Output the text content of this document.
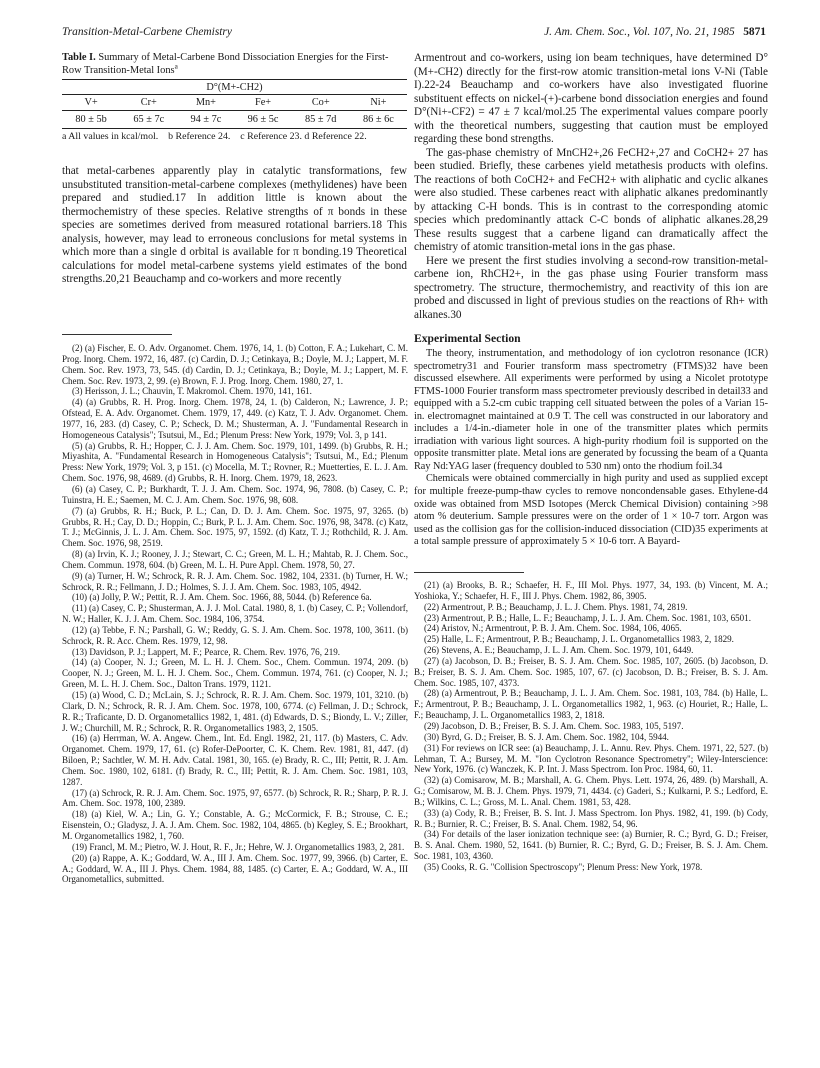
Transition-Metal-Carbene Chemistry	J. Am. Chem. Soc., Vol. 107, No. 21, 1985 5871

Table I. Summary of Metal-Carbene Bond Dissociation Energies for the First-Row Transition-Metal Ions$^a$

D°(M+-CH2)					
V+	Cr+	Mn+	Fe+	Co+	Ni+
80 ± 5b	65 ± 7c	94 ± 7c	96 ± 5c	85 ± 7d	86 ± 6c
a All values in kcal/mol. b Reference 24. c Reference 23. d Reference 22.

that metal-carbenes apparently play in catalytic transformations, few unsubstituted transition-metal-carbene complexes (methylidenes) have been prepared and studied.17 In addition little is known about the thermochemistry of these species. Relative strengths of π bonds in these species are sometimes derived from measured rotational barriers.18 This analysis, however, may lead to erroneous conclusions for metal systems in which more than a single d orbital is available for π bonding.19 Theoretical calculations for model metal-carbene systems yield estimates of the bond strengths.20,21 Beauchamp and co-workers and more recently

(2) (a) Fischer, E. O. Adv. Organomet. Chem. 1976, 14, 1. (b) Cotton, F. A.; Lukehart, C. M. Prog. Inorg. Chem. 1972, 16, 487. (c) Cardin, D. J.; Cetinkaya, B.; Doyle, M. J.; Lappert, M. F. Chem. Soc. Rev. 1973, 73, 545. (d) Cardin, D. J.; Cetinkaya, B.; Doyle, M. J.; Lappert, M. F. Chem. Soc. Rev. 1973, 2, 99. (e) Brown, F. J. Prog. Inorg. Chem. 1980, 27, 1.

(3) Herisson, J. L.; Chauvin, T. Makromol. Chem. 1970, 141, 161.

(4) (a) Grubbs, R. H. Prog. Inorg. Chem. 1978, 24, 1. (b) Calderon, N.; Lawrence, J. P.; Ofstead, E. A. Adv. Organomet. Chem. 1979, 17, 449. (c) Katz, T. J. Adv. Organomet. Chem. 1977, 16, 283. (d) Casey, C. P.; Scheck, D. M.; Shusterman, A. J. "Fundamental Research in Homogeneous Catalysis"; Tsutsui, M., Ed.; Plenum Press: New York, 1979; Vol. 3, p 141.

(5) (a) Grubbs, R. H.; Hopper, C. J. J. Am. Chem. Soc. 1979, 101, 1499. (b) Grubbs, R. H.; Miyashita, A. "Fundamental Research in Homogeneous Catalysis"; Tsutsui, M., Ed.; Plenum Press: New York, 1979; Vol. 3, p 151. (c) Mocella, M. T.; Rovner, R.; Muetterties, E. L. J. Am. Chem. Soc. 1976, 98, 4689. (d) Grubbs, R. H. Inorg. Chem. 1979, 18, 2623.

(6) (a) Casey, C. P.; Burkhardt, T. J. J. Am. Chem. Soc. 1974, 96, 7808. (b) Casey, C. P.; Tuinstra, H. E.; Saemen, M. C. J. Am. Chem. Soc. 1976, 98, 608.

(7) (a) Grubbs, R. H.; Buck, P. L.; Can, D. D. J. Am. Chem. Soc. 1975, 97, 3265. (b) Grubbs, R. H.; Cay, D. D.; Hoppin, C.; Burk, P. L. J. Am. Chem. Soc. 1976, 98, 3478. (c) Katz, T. J.; McGinnis, J. L. J. Am. Chem. Soc. 1975, 97, 1592. (d) Katz, T. J.; Rothchild, R. J. Am. Chem. Soc. 1976, 98, 2519.

(8) (a) Irvin, K. J.; Rooney, J. J.; Stewart, C. C.; Green, M. L. H.; Mahtab, R. J. Chem. Soc., Chem. Commun. 1978, 604. (b) Green, M. L. H. Pure Appl. Chem. 1978, 50, 27.

(9) (a) Turner, H. W.; Schrock, R. R. J. Am. Chem. Soc. 1982, 104, 2331. (b) Turner, H. W.; Schrock, R. R.; Fellmann, J. D.; Holmes, S. J. J. Am. Chem. Soc. 1983, 105, 4942.

(10) (a) Jolly, P. W.; Pettit, R. J. Am. Chem. Soc. 1966, 88, 5044. (b) Reference 6a.

(11) (a) Casey, C. P.; Shusterman, A. J. J. Mol. Catal. 1980, 8, 1. (b) Casey, C. P.; Vollendorf, N. W.; Haller, K. J. J. Am. Chem. Soc. 1984, 106, 3754.

(12) (a) Tebbe, F. N.; Parshall, G. W.; Reddy, G. S. J. Am. Chem. Soc. 1978, 100, 3611. (b) Schrock, R. R. Acc. Chem. Res. 1979, 12, 98.

(13) Davidson, P. J.; Lappert, M. F.; Pearce, R. Chem. Rev. 1976, 76, 219.

(14) (a) Cooper, N. J.; Green, M. L. H. J. Chem. Soc., Chem. Commun. 1974, 209. (b) Cooper, N. J.; Green, M. L. H. J. Chem. Soc., Chem. Commun. 1974, 761. (c) Cooper, N. J.; Green, M. L. H. J. Chem. Soc., Dalton Trans. 1979, 1121.

(15) (a) Wood, C. D.; McLain, S. J.; Schrock, R. R. J. Am. Chem. Soc. 1979, 101, 3210. (b) Clark, D. N.; Schrock, R. R. J. Am. Chem. Soc. 1978, 100, 6774. (c) Fellman, J. D.; Schrock, R. R.; Traficante, D. D. Organometallics 1982, 1, 481. (d) Edwards, D. S.; Biondy, L. V.; Ziller, J. W.; Churchill, M. R.; Schrock, R. R. Organometallics 1983, 2, 1505.

(16) (a) Herrman, W. A. Angew. Chem., Int. Ed. Engl. 1982, 21, 117. (b) Masters, C. Adv. Organomet. Chem. 1979, 17, 61. (c) Rofer-DePoorter, C. K. Chem. Rev. 1981, 81, 447. (d) Biloen, P.; Sachtler, W. M. H. Adv. Catal. 1981, 30, 165. (e) Brady, R. C., III; Pettit, R. J. Am. Chem. Soc. 1980, 102, 6181. (f) Brady, R. C., III; Pettit, R. J. Am. Chem. Soc. 1981, 103, 1287.

(17) (a) Schrock, R. R. J. Am. Chem. Soc. 1975, 97, 6577. (b) Schrock, R. R.; Sharp, P. R. J. Am. Chem. Soc. 1978, 100, 2389.

(18) (a) Kiel, W. A.; Lin, G. Y.; Constable, A. G.; McCormick, F. B.; Strouse, C. E.; Eisenstein, O.; Gladysz, J. A. J. Am. Chem. Soc. 1982, 104, 4865. (b) Kegley, S. E.; Brookhart, M. Organometallics 1982, 1, 760.

(19) Francl, M. M.; Pietro, W. J. Hout, R. F., Jr.; Hehre, W. J. Organometallics 1983, 2, 281.

(20) (a) Rappe, A. K.; Goddard, W. A., III J. Am. Chem. Soc. 1977, 99, 3966. (b) Carter, E. A.; Goddard, W. A., III J. Phys. Chem. 1984, 88, 1485. (c) Carter, E. A.; Goddard, W. A., III Organometallics, submitted.

Armentrout and co-workers, using ion beam techniques, have determined D°(M+-CH2) directly for the first-row atomic transition-metal ions V-Ni (Table I).22-24 Beauchamp and co-workers have also investigated fluorine substituent effects on nickel-(+)-carbene bond dissociation energies and found D°(Ni+-CF2) = 47 ± 7 kcal/mol.25 The experimental values compare poorly with the theoretical numbers, suggesting that caution must be employed regarding these bond strengths.

The gas-phase chemistry of MnCH2+,26 FeCH2+,27 and CoCH2+ 27 has been studied. Briefly, these carbenes yield metathesis products with olefins. The reactions of both CoCH2+ and FeCH2+ with aliphatic and cyclic alkanes were also studied. These carbenes react with aliphatic alkanes predominantly by attacking C-H bonds. This is in contrast to the corresponding atomic species which predominantly attack C-C bonds of aliphatic alkanes.28,29 These results suggest that a carbene ligand can dramatically affect the chemistry of atomic transition-metal ions in the gas phase.

Here we present the first studies involving a second-row transition-metal-carbene ion, RhCH2+, in the gas phase using Fourier transform mass spectrometry. The structure, thermochemistry, and reactivity of this ion are probed and discussed in light of previous studies on the reactions of Rh+ with alkanes.30

Experimental Section

The theory, instrumentation, and methodology of ion cyclotron resonance (ICR) spectrometry31 and Fourier transform mass spectrometry (FTMS)32 have been discussed elsewhere. All experiments were performed by using a Nicolet prototype FTMS-1000 Fourier transform mass spectrometer previously described in detail33 and equipped with a 5.2-cm cubic trapping cell situated between the poles of a Varian 15-in. electromagnet maintained at 0.9 T. The cell was constructed in our laboratory and includes a 1/4-in.-diameter hole in one of the transmitter plates which permits irradiation with various light sources. A high-purity rhodium foil is supported on the opposite transmitter plate. Metal ions are generated by focussing the beam of a Quanta Ray Nd:YAG laser (frequency doubled to 530 nm) onto the rhodium foil.34

Chemicals were obtained commercially in high purity and used as supplied except for multiple freeze-pump-thaw cycles to remove noncondensable gases. Ethylene-d4 oxide was obtained from MSD Isotopes (Merck Chemical Division) containing >98 atom % deuterium. Sample pressures were on the order of 1 × 10-7 torr. Argon was used as the collision gas for the collision-induced dissociation (CID)35 experiments at a total sample pressure of approximately 5 × 10-6 torr. A Bayard-

(21) (a) Brooks, B. R.; Schaefer, H. F., III Mol. Phys. 1977, 34, 193. (b) Vincent, M. A.; Yoshioka, Y.; Schaefer, H. F., III J. Phys. Chem. 1982, 86, 3905.

(22) Armentrout, P. B.; Beauchamp, J. L. J. Chem. Phys. 1981, 74, 2819.

(23) Armentrout, P. B.; Halle, L. F.; Beauchamp, J. L. J. Am. Chem. Soc. 1981, 103, 6501.

(24) Aristov, N.; Armentrout, P. B. J. Am. Chem. Soc. 1984, 106, 4065.

(25) Halle, L. F.; Armentrout, P. B.; Beauchamp, J. L. Organometallics 1983, 2, 1829.

(26) Stevens, A. E.; Beauchamp, J. L. J. Am. Chem. Soc. 1979, 101, 6449.

(27) (a) Jacobson, D. B.; Freiser, B. S. J. Am. Chem. Soc. 1985, 107, 2605. (b) Jacobson, D. B.; Freiser, B. S. J. Am. Chem. Soc. 1985, 107, 67. (c) Jacobson, D. B.; Freiser, B. S. J. Am. Chem. Soc. 1985, 107, 4373.

(28) (a) Armentrout, P. B.; Beauchamp, J. L. J. Am. Chem. Soc. 1981, 103, 784. (b) Halle, L. F.; Armentrout, P. B.; Beauchamp, J. L. Organometallics 1982, 1, 963. (c) Houriet, R.; Halle, L. F.; Beauchamp, J. L. Organometallics 1983, 2, 1818.

(29) Jacobson, D. B.; Freiser, B. S. J. Am. Chem. Soc. 1983, 105, 5197.

(30) Byrd, G. D.; Freiser, B. S. J. Am. Chem. Soc. 1982, 104, 5944.

(31) For reviews on ICR see: (a) Beauchamp, J. L. Annu. Rev. Phys. Chem. 1971, 22, 527. (b) Lehman, T. A.; Bursey, M. M. "Ion Cyclotron Resonance Spectrometry"; Wiley-Interscience: New York, 1976. (c) Wanczek, K. P. Int. J. Mass Spectrom. Ion Proc. 1984, 60, 11.

(32) (a) Comisarow, M. B.; Marshall, A. G. Chem. Phys. Lett. 1974, 26, 489. (b) Marshall, A. G.; Comisarow, M. B. J. Chem. Phys. 1979, 71, 4434. (c) Gaderi, S.; Kulkarni, P. S.; Ledford, E. B.; Wilkins, C. L.; Gross, M. L. Anal. Chem. 1981, 53, 428.

(33) (a) Cody, R. B.; Freiser, B. S. Int. J. Mass Spectrom. Ion Phys. 1982, 41, 199. (b) Cody, R. B.; Burnier, R. C.; Freiser, B. S. Anal. Chem. 1982, 54, 96.

(34) For details of the laser ionization technique see: (a) Burnier, R. C.; Byrd, G. D.; Freiser, B. S. Anal. Chem. 1980, 52, 1641. (b) Burnier, R. C.; Byrd, G. D.; Freiser, B. S. J. Am. Chem. Soc. 1981, 103, 4360.

(35) Cooks, R. G. "Collision Spectroscopy"; Plenum Press: New York, 1978.
